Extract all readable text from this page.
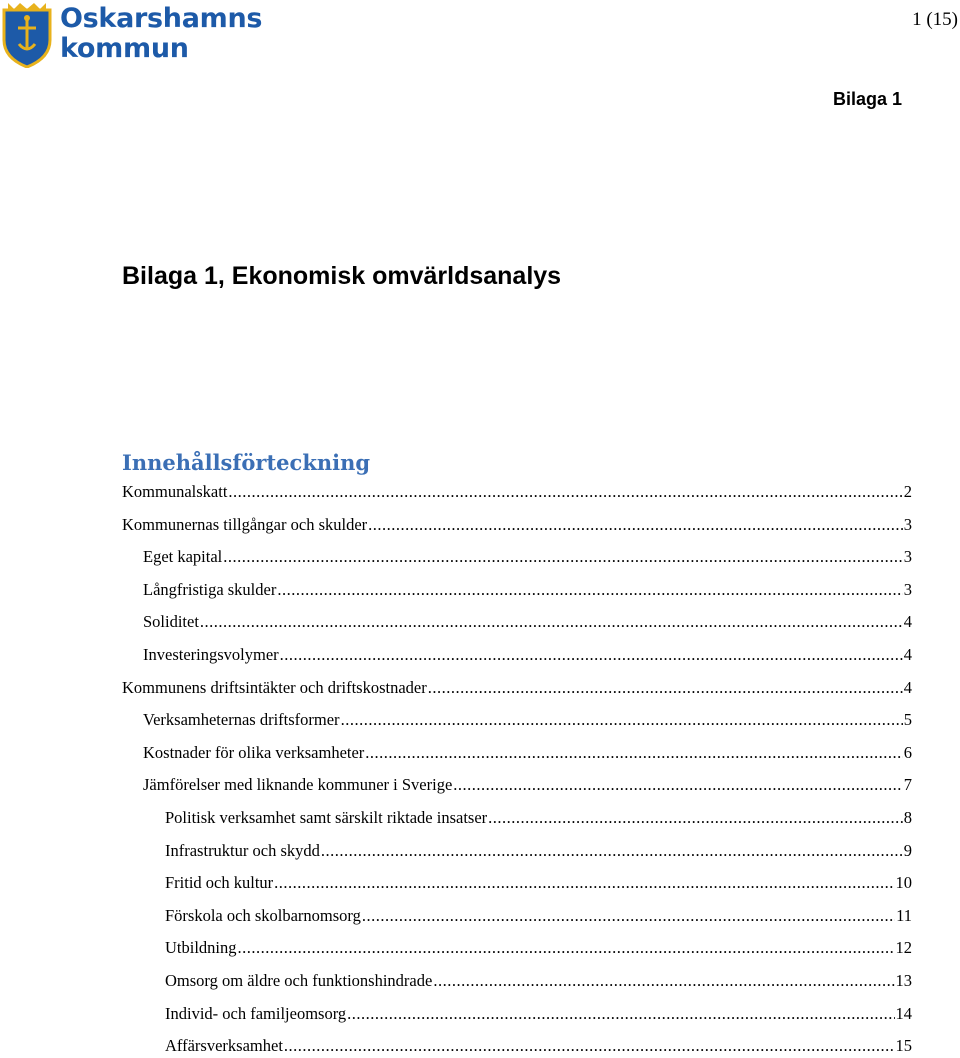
Oskarshamns
kommun
1 (15)
Bilaga 1
Bilaga 1, Ekonomisk omvärldsanalys
Innehållsförteckning
Kommunalskatt .....	2
Kommunernas tillgångar och skulder .....	3
Eget kapital .....	3
Långfristiga skulder .....	3
Soliditet .....	4
Investeringsvolymer .....	4
Kommunens driftsintäkter och driftskostnader .....	4
Verksamheternas driftsformer .....	5
Kostnader för olika verksamheter .....	6
Jämförelser med liknande kommuner i Sverige .....	7
Politisk verksamhet samt särskilt riktade insatser .....	8
Infrastruktur och skydd .....	9
Fritid och kultur .....	10
Förskola och skolbarnomsorg .....	11
Utbildning .....	12
Omsorg om äldre och funktionshindrade .....	13
Individ- och familjeomsorg .....	14
Affärsverksamhet .....	15
